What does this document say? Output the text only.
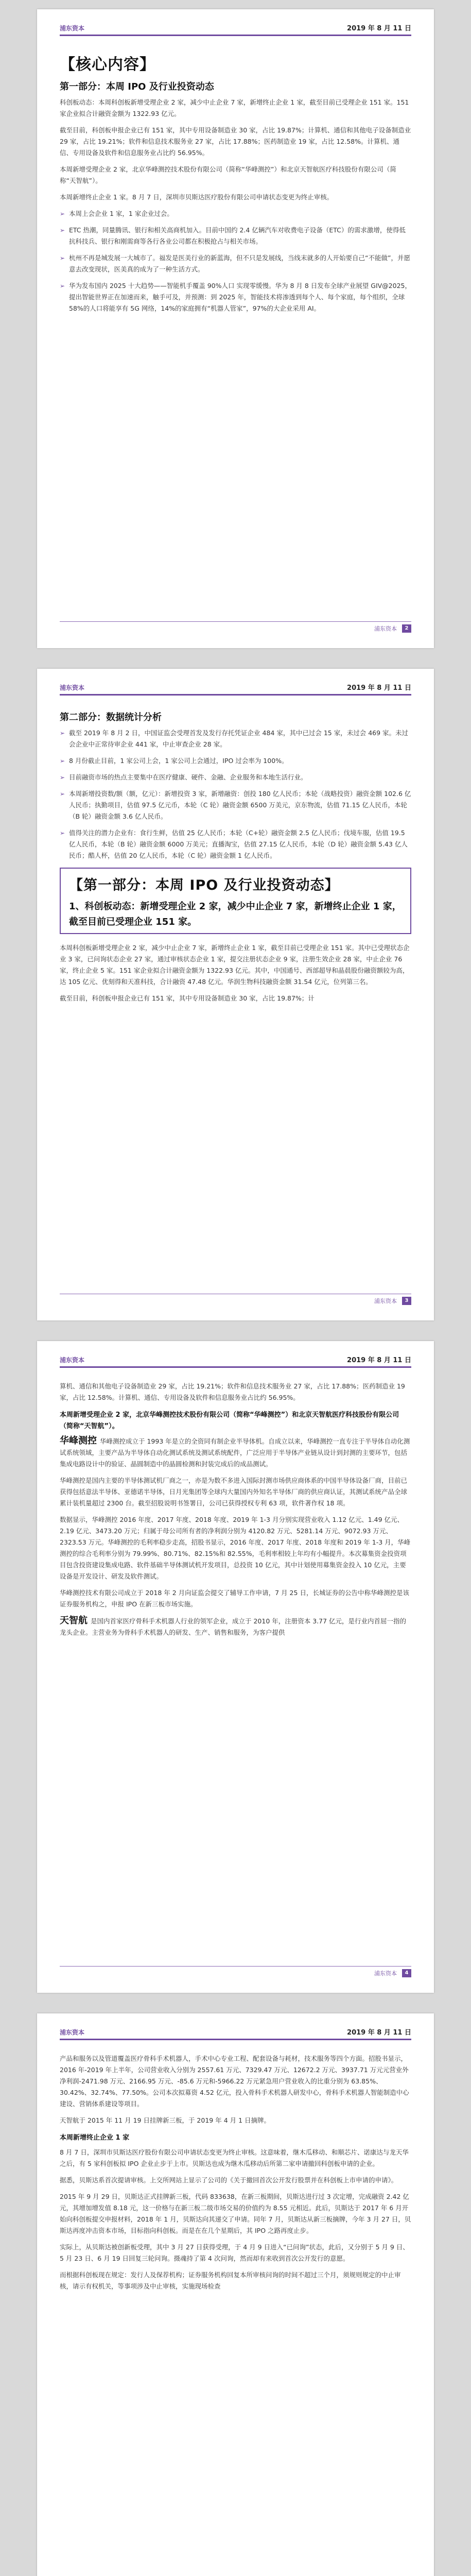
浦东资本	2019 年 8 月 11 日
【核心内容】
第一部分：本周 IPO 及行业投资动态

科创板动态：本周科创板新增受理企业 2 家，减少中止企业 7 家，新增终止企业 1 家，截至目前已受理企业 151 家。151 家企业拟合计融资金额为 1322.93 亿元。

截至目前，科创板申报企业已有 151 家，其中专用设备制造业 30 家，占比 19.87%；计算机、通信和其他电子设备制造业 29 家，占比 19.21%；软件和信息技术服务业 27 家，占比 17.88%；医药制造业 19 家，占比 12.58%。计算机、通信、专用设备及软件和信息服务业占比约 56.95%。

本周新增受理企业 2 家，北京华峰测控技术股份有限公司（简称“华峰测控”）和北京天智航医疗科技股份有限公司（简称“天智航”）。

本周新增终止企业 1 家。8 月 7 日，深圳市贝斯达医疗股份有限公司申请状态变更为终止审核。

➢ 本周上会企业 1 家，1 家企业过会。
➢ ETC 热潮，同量腾讯、银行和相关高商机加入。目前中国约 2.4 亿辆汽车对收费电子设备（ETC）的需求激增，使得低抗科技兵、银行和刚需商等各行各业公司都在积极抢占与相关市场。
➢ 杭州不再是城发展一大城市了。福发是医美行业的新蓝海，但不只是发展线，当线末就多的人开始要自己“不能做”，并愿意去改变现状，医美真的成为了一种生活方式。
➢ 华为发布国内 2025 十大趋势——智能机手覆盖 90%人口 实现零缓慢。华为 8 月 8 日发布全球产业展望 GIV@2025，提出智能世界正在加速而来，触手可及，并预测：到 2025 年，智能技术将渗透到每个人、每个家庭，每个组织，全球 58%的人口将能享有 5G 网络，14%的家庭拥有“机器人管家”，97%的大企业采用 AI。
浦东资本	2
浦东资本	2019 年 8 月 11 日
第二部分：数据统计分析
➢ 截至 2019 年 8 月 2 日，中国证监会受理首发及发行存托凭证企业 484 家，其中已过会 15 家，未过会 469 家。未过会企业中正常待审企业 441 家，中止审查企业 28 家。
➢ 8 月份截止目前，1 家公司上会，1 家公司上会通过，IPO 过会率为 100%。
➢ 目前融资市场的热点主要集中在医疗健康、硬件、金融、企业服务和本地生活行业。
➢ 本周新增投资数/额（额，亿元）：新增投资 3 家，新增融资：创投 180 亿人民币；本轮（战略投资）融资金额 102.6 亿人民币；执勤项目，估值 97.5 亿元币，本轮（C 轮）融资金额 6500 万美元，京东物流，估值 71.15 亿人民币，本轮（B 轮）融资金额 3.6 亿人民币。
➢ 值得关注的潜力企业有：食行生鲜，估值 25 亿人民币；本轮（C+轮）融资金额 2.5 亿人民币；伐境车服，估值 19.5 亿人民币，本轮（B 轮）融资金额 6000 万美元；直播淘宝，估值 27.15 亿人民币，本轮（D 轮）融资金额 5.43 亿人民币；酷人杯，估值 20 亿人民币，本轮（C 轮）融资金额 1 亿人民币。
【第一部分：本周 IPO 及行业投资动态】
1、科创板动态：新增受理企业 2 家，减少中止企业 7 家，新增终止企业 1 家，截至目前已受理企业 151 家。

本周科创板新增受理企业 2 家，减少中止企业 7 家，新增终止企业 1 家，截至目前已受理企业 151 家。其中已受理状态企业 3 家，已问询状态企业 27 家，通过审核状态企业 1 家，提交注册状态企业 9 家，注册生效企业 28 家，中止企业 76 家，终止企业 5 家。151 家企业拟合计融资金额为 1322.93 亿元。其中，中国通号、西部超导和晶晨股份融资额较为高，达 105 亿元、优刻得和天准科技，合计融资 47.48 亿元。华润生物科技融资金额 31.54 亿元，位列第三名。

截至目前，科创板申报企业已有 151 家，其中专用设备制造业 30 家，占比 19.87%；计

浦东资本	3
浦东资本	2019 年 8 月 11 日

算机、通信和其他电子设备制造业 29 家，占比 19.21%；软件和信息技术服务业 27 家，占比 17.88%；医药制造业 19 家，占比 12.58%。计算机、通信、专用设备及软件和信息服务业占比约 56.95%。

本周新增受理企业 2 家，北京华峰测控技术股份有限公司（简称“华峰测控”）和北京天智航医疗科技股份有限公司（简称“天智航”）。

华峰测控 华峰测控成立于 1993 年是立的全资同有制企业半导体机。自成立以来，华峰测控一直专注于半导体自动化测试系统领域，主要产品为半导体自动化测试系统及测试系统配件，广泛应用于半导体产业链从设计到封测的主要环节，包括集成电路设计中的验证、晶圆制造中的晶圆检测和封装完成后的成品测试。

华峰测控是国内主要的半导体测试机厂商之一，亦是为数不多进入国际封测市场供应商体系的中国半导体设备厂商，目前已获得包括意法半导体、亚德诺半导体，日月光集团等全球内大量国内外知名半导体厂商的供应商认证，其测试系统产品全球累计装机量超过 2300 台。截至招股说明书签署日，公司已获得授权专利 63 项，软件著作权 18 项。

数据显示，华峰测控 2016 年度、2017 年度、2018 年度、2019 年 1-3 月分别实现营业收入 1.12 亿元、1.49 亿元、2.19 亿元、3473.20 万元；归属于母公司所有者的净利润分别为 4120.82 万元、5281.14 万元、9072.93 万元、2323.53 万元。华峰测控的毛利率稳步走高，招股书显示，2016 年度、2017 年度、2018 年度和 2019 年 1-3 月，华峰测控的综合毛利率分别为 79.99%、80.71%、82.15%和 82.55%，毛利率相较上年均有小幅提升。本次募集资金投资项目包含投资建设集成电路、软件基础半导体测试机开发项目，总投资 10 亿元，其中计划使用募集资金投入 10 亿元，主要设备是开发设计、研发及软件测试。

华峰测控技术有限公司成立于 2018 年 2 月向证监会提交了辅导工作申请，7 月 25 日，长城证券的公告中称华峰测控是该证券服务机构之，申报 IPO 在新三板市场实施。

天智航 是国内首家医疗骨科手术机器人行业的领军企业，成立于 2010 年，注册资本 3.77 亿元，是行业内首屈一指的龙头企业。主营业务为骨科手术机器人的研发、生产、销售和服务，为客户提供

浦东资本	4
浦东资本	2019 年 8 月 11 日

产品和服务以及管道覆盖医疗骨科手术机器人，手术中心专业工程、配套设备与耗材，技术服务等四个方面。招股书显示，2016 年-2019 年上半年，公司营业收入分别为 2557.61 万元、7329.47 万元、12672.2 万元、3937.71 万元元营业外净利润-2471.98 万元、2166.95 万元、-85.6 万元和-5966.22 万元紧急用户营业收入的比重分别为 63.85%、30.42%、32.74%、77.50%。公司本次拟募资 4.52 亿元，投入骨科手术机器人研发中心，骨科手术机器人智能制造中心建设、营销体系建设等项目。

天智航于 2015 年 11 月 19 日挂牌新三板，于 2019 年 4 月 1 日摘牌。

本周新增终止企业 1 家

8 月 7 日，深圳市贝斯达医疗股份有限公司申请状态变更为终止审核。这意味着，继木瓜移动、和顺芯片、诺康达与龙天华之后，有 5 家科创板拟 IPO 企业止步于上市。贝斯达也成为继木瓜移动后所第二家申请撤回科创板申请的企业。

据悉，贝斯达系首次提请审核。上交所网站上显示了公司的《关于撤回首次公开发行股票并在科创板上市申请的申请》。

2015 年 9 月 29 日，贝斯达正式挂牌新三板，代码 833638，在新三板期间，贝斯达进行过 3 次定增，完成融资 2.42 亿元，其增加增发值 8.18 元，这一价格与在新三板二级市场交易的价值约为 8.55 元相近。此后，贝斯达于 2017 年 6 月开始向科创板提交申报材料，2018 年 1 月，贝斯达向其递交了申请。同年 7 月，贝斯达从新三板摘牌，今年 3 月 27 日，贝斯达再度冲击资本市场，目标指向科创板。而是在在几个星期后，其 IPO 之路再度止步。

实际上，从贝斯达被创新板受理，其中 3 月 27 日获得受理，于 4 月 9 日进入“已问询”状态，此后，又分别于 5 月 9 日、5 月 23 日、6 月 19 日回复三轮问询。摄魂持了第 4 次问询，然而却有来收到首次公开发行的意愿。

而根据科创板现在规定：发行人及保荐机构；证券服务机构回复本所审核问询的时间不超过三个月，须规则规定的中止审核，请示有权机关，等事项涉及中止审核，实施现场检查
